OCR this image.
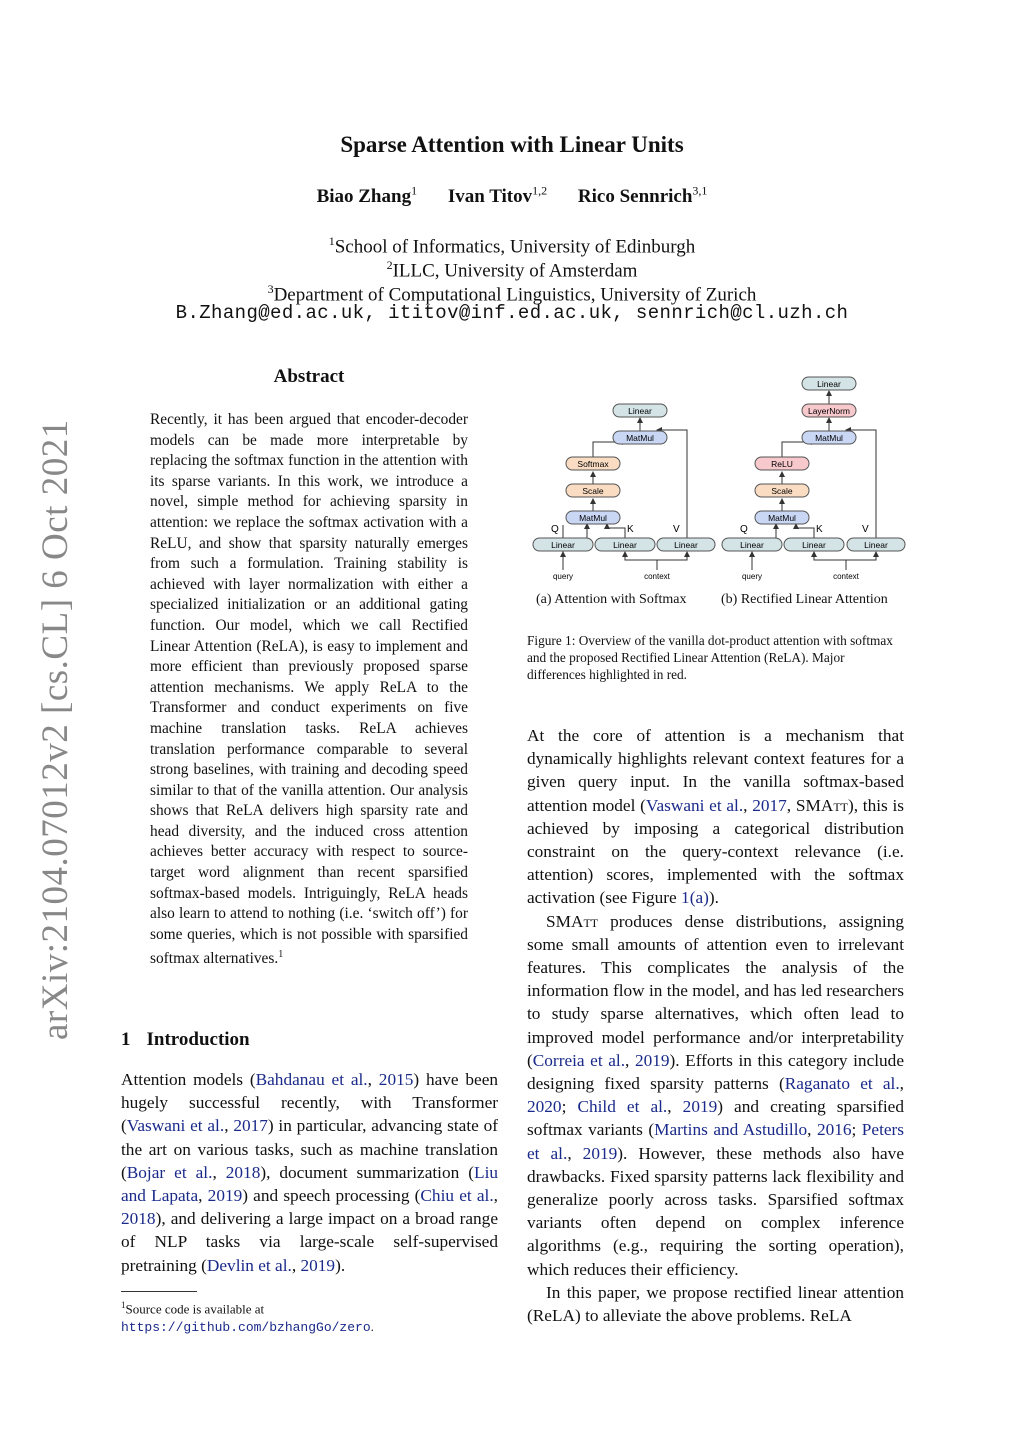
Sparse Attention with Linear Units
Biao Zhang$^1$ Ivan Titov$^{1,2}$ Rico Sennrich$^{3,1}$
$^1$School of Informatics, University of Edinburgh
$^2$ILLC, University of Amsterdam
$^3$Department of Computational Linguistics, University of Zurich
B.Zhang@ed.ac.uk, ititov@inf.ed.ac.uk, sennrich@cl.uzh.ch
arXiv:2104.07012v2 [cs.CL] 6 Oct 2021
Abstract
Recently, it has been argued that encoder-decoder models can be made more interpretable by replacing the softmax function in the attention with its sparse variants. In this work, we introduce a novel, simple method for achieving sparsity in attention: we replace the softmax activation with a ReLU, and show that sparsity naturally emerges from such a formulation. Training stability is achieved with layer normalization with either a specialized initialization or an additional gating function. Our model, which we call Rectified Linear Attention (ReLA), is easy to implement and more efficient than previously proposed sparse attention mechanisms. We apply ReLA to the Transformer and conduct experiments on five machine translation tasks. ReLA achieves translation performance comparable to several strong baselines, with training and decoding speed similar to that of the vanilla attention. Our analysis shows that ReLA delivers high sparsity rate and head diversity, and the induced cross attention achieves better accuracy with respect to source-target word alignment than recent sparsified softmax-based models. Intriguingly, ReLA heads also learn to attend to nothing (i.e. ‘switch off’) for some queries, which is not possible with sparsified softmax alternatives.$^1$
1 Introduction
Attention models (Bahdanau et al., 2015) have been hugely successful recently, with Transformer (Vaswani et al., 2017) in particular, advancing state of the art on various tasks, such as machine translation (Bojar et al., 2018), document summarization (Liu and Lapata, 2019) and speech processing (Chiu et al., 2018), and delivering a large impact on a broad range of NLP tasks via large-scale self-supervised pretraining (Devlin et al., 2019).
$^1$Source code is available at https://github.com/bzhangGo/zero.
Linear
MatMul
Softmax
Scale
MatMul
Linear	Linear	Linear
Q	K	V
query	context
Linear
LayerNorm
MatMul
ReLU
Scale
MatMul
Linear	Linear	Linear
Q	K	V
query	context
(a) Attention with Softmax (b) Rectified Linear Attention
Figure 1: Overview of the vanilla dot-product attention with softmax and the proposed Rectified Linear Attention (ReLA). Major differences highlighted in red.

At the core of attention is a mechanism that dynamically highlights relevant context features for a given query input. In the vanilla softmax-based attention model (Vaswani et al., 2017, SMAtt), this is achieved by imposing a categorical distribution constraint on the query-context relevance (i.e. attention) scores, implemented with the softmax activation (see Figure 1(a)).

SMAtt produces dense distributions, assigning some small amounts of attention even to irrelevant features. This complicates the analysis of the information flow in the model, and has led researchers to study sparse alternatives, which often lead to improved model performance and/or interpretability (Correia et al., 2019). Efforts in this category include designing fixed sparsity patterns (Raganato et al., 2020; Child et al., 2019) and creating sparsified softmax variants (Martins and Astudillo, 2016; Peters et al., 2019). However, these methods also have drawbacks. Fixed sparsity patterns lack flexibility and generalize poorly across tasks. Sparsified softmax variants often depend on complex inference algorithms (e.g., requiring the sorting operation), which reduces their efficiency.

In this paper, we propose rectified linear attention (ReLA) to alleviate the above problems. ReLA
